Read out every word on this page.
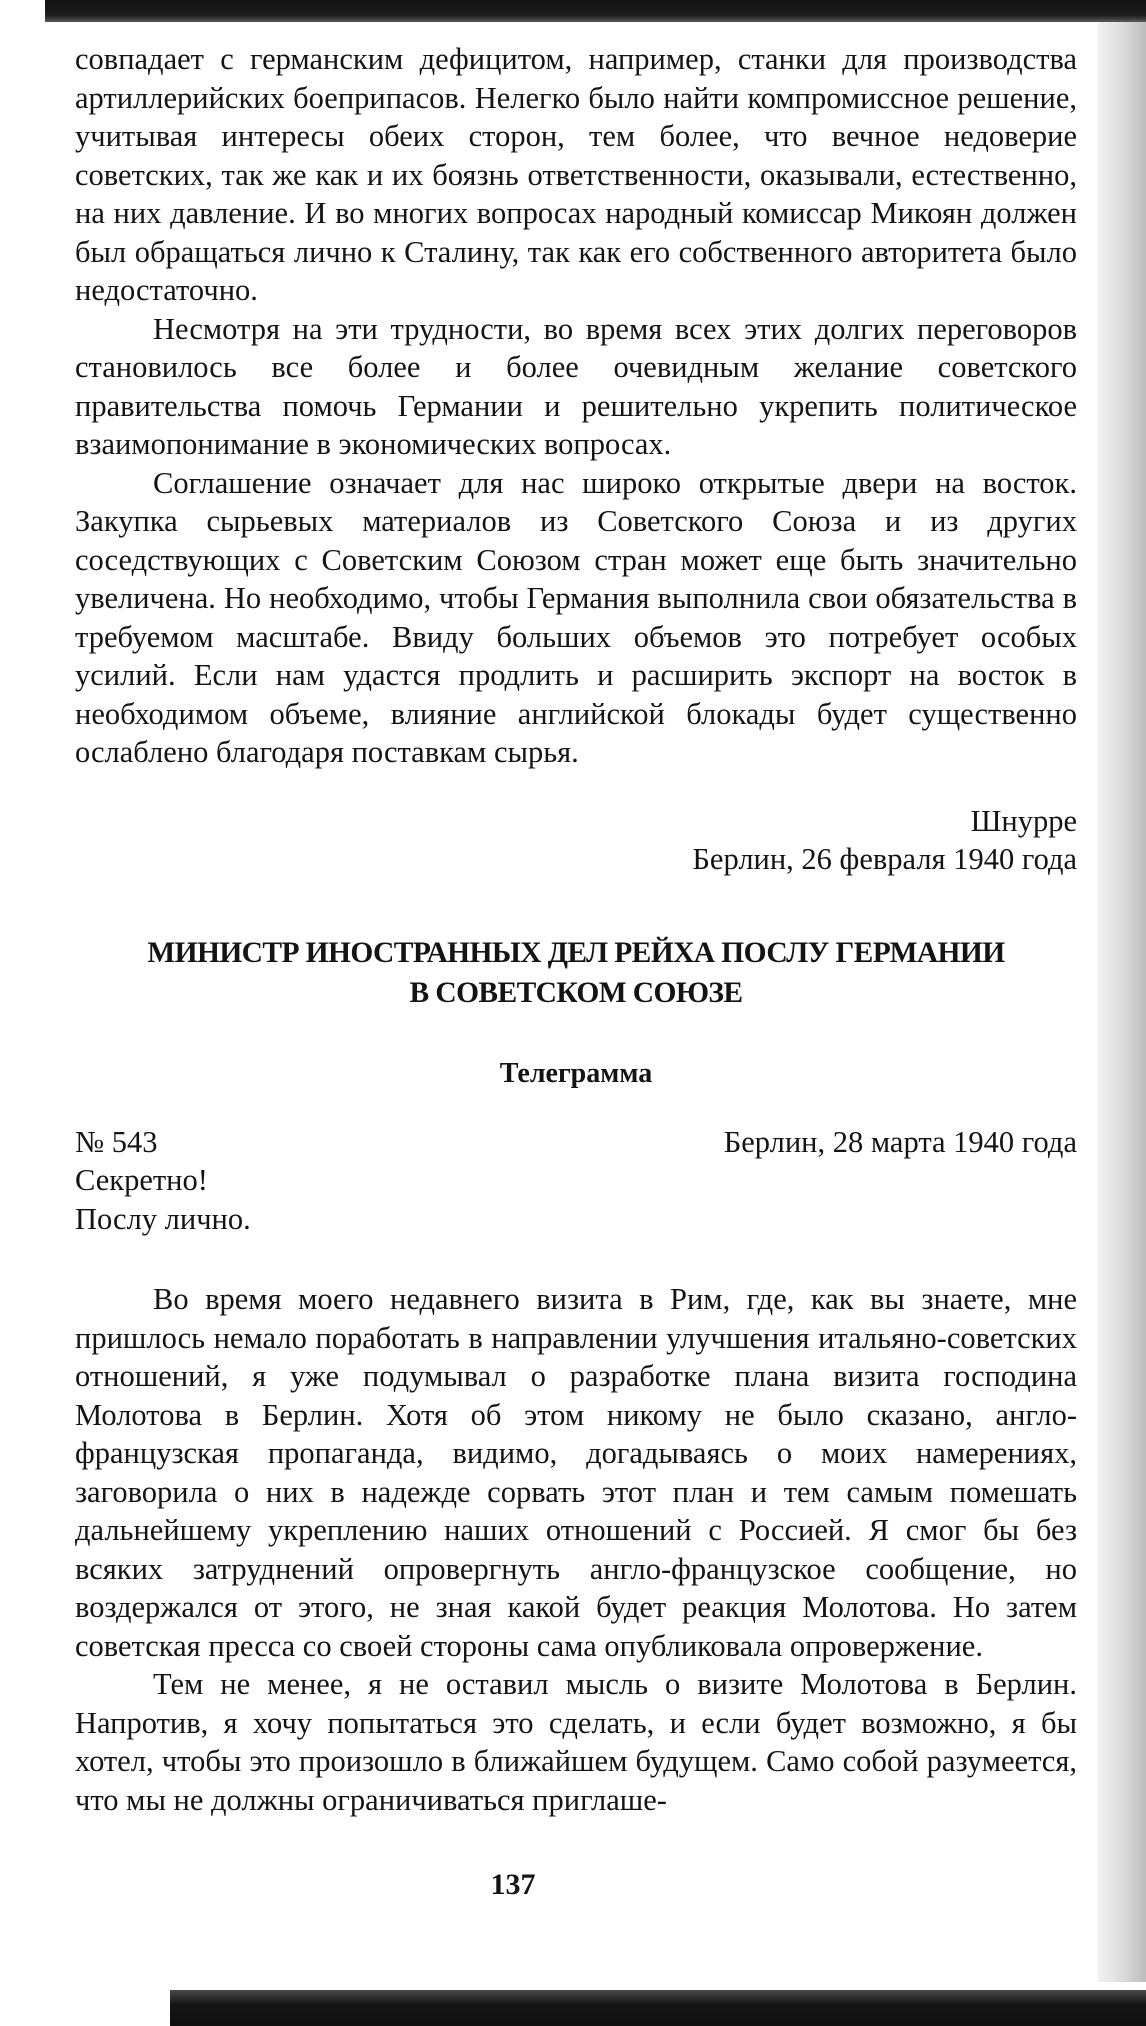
совпадает с германским дефицитом, например, станки для производства артиллерийских боеприпасов. Нелегко было найти компромиссное решение, учитывая интересы обеих сторон, тем более, что вечное недоверие советских, так же как и их боязнь ответственности, оказывали, естественно, на них давление. И во многих вопросах народный комиссар Микоян должен был обращаться лично к Сталину, так как его собственного авторитета было недостаточно.

Несмотря на эти трудности, во время всех этих долгих переговоров становилось все более и более очевидным желание советского правительства помочь Германии и решительно укрепить политическое взаимопонимание в экономических вопросах.

Соглашение означает для нас широко открытые двери на восток. Закупка сырьевых материалов из Советского Союза и из других соседствующих с Советским Союзом стран может еще быть значительно увеличена. Но необходимо, чтобы Германия выполнила свои обязательства в требуемом масштабе. Ввиду больших объемов это потребует особых усилий. Если нам удастся продлить и расширить экспорт на восток в необходимом объеме, влияние английской блокады будет существенно ослаблено благодаря поставкам сырья.

Шнурре

Берлин, 26 февраля 1940 года

МИНИСТР ИНОСТРАННЫХ ДЕЛ РЕЙХА ПОСЛУ ГЕРМАНИИ
В СОВЕТСКОМ СОЮЗЕ
Телеграмма
№ 543	Берлин, 28 марта 1940 года
Секретно!
Послу лично.

Во время моего недавнего визита в Рим, где, как вы знаете, мне пришлось немало поработать в направлении улучшения итальяно-советских отношений, я уже подумывал о разработке плана визита господина Молотова в Берлин. Хотя об этом никому не было сказано, англо-французская пропаганда, видимо, догадываясь о моих намерениях, заговорила о них в надежде сорвать этот план и тем самым помешать дальнейшему укреплению наших отношений с Россией. Я смог бы без всяких затруднений опровергнуть англо-французское сообщение, но воздержался от этого, не зная какой будет реакция Молотова. Но затем советская пресса со своей стороны сама опубликовала опровержение.

Тем не менее, я не оставил мысль о визите Молотова в Берлин. Напротив, я хочу попытаться это сделать, и если будет возможно, я бы хотел, чтобы это произошло в ближайшем будущем. Само собой разумеется, что мы не должны ограничиваться приглаше-

137
